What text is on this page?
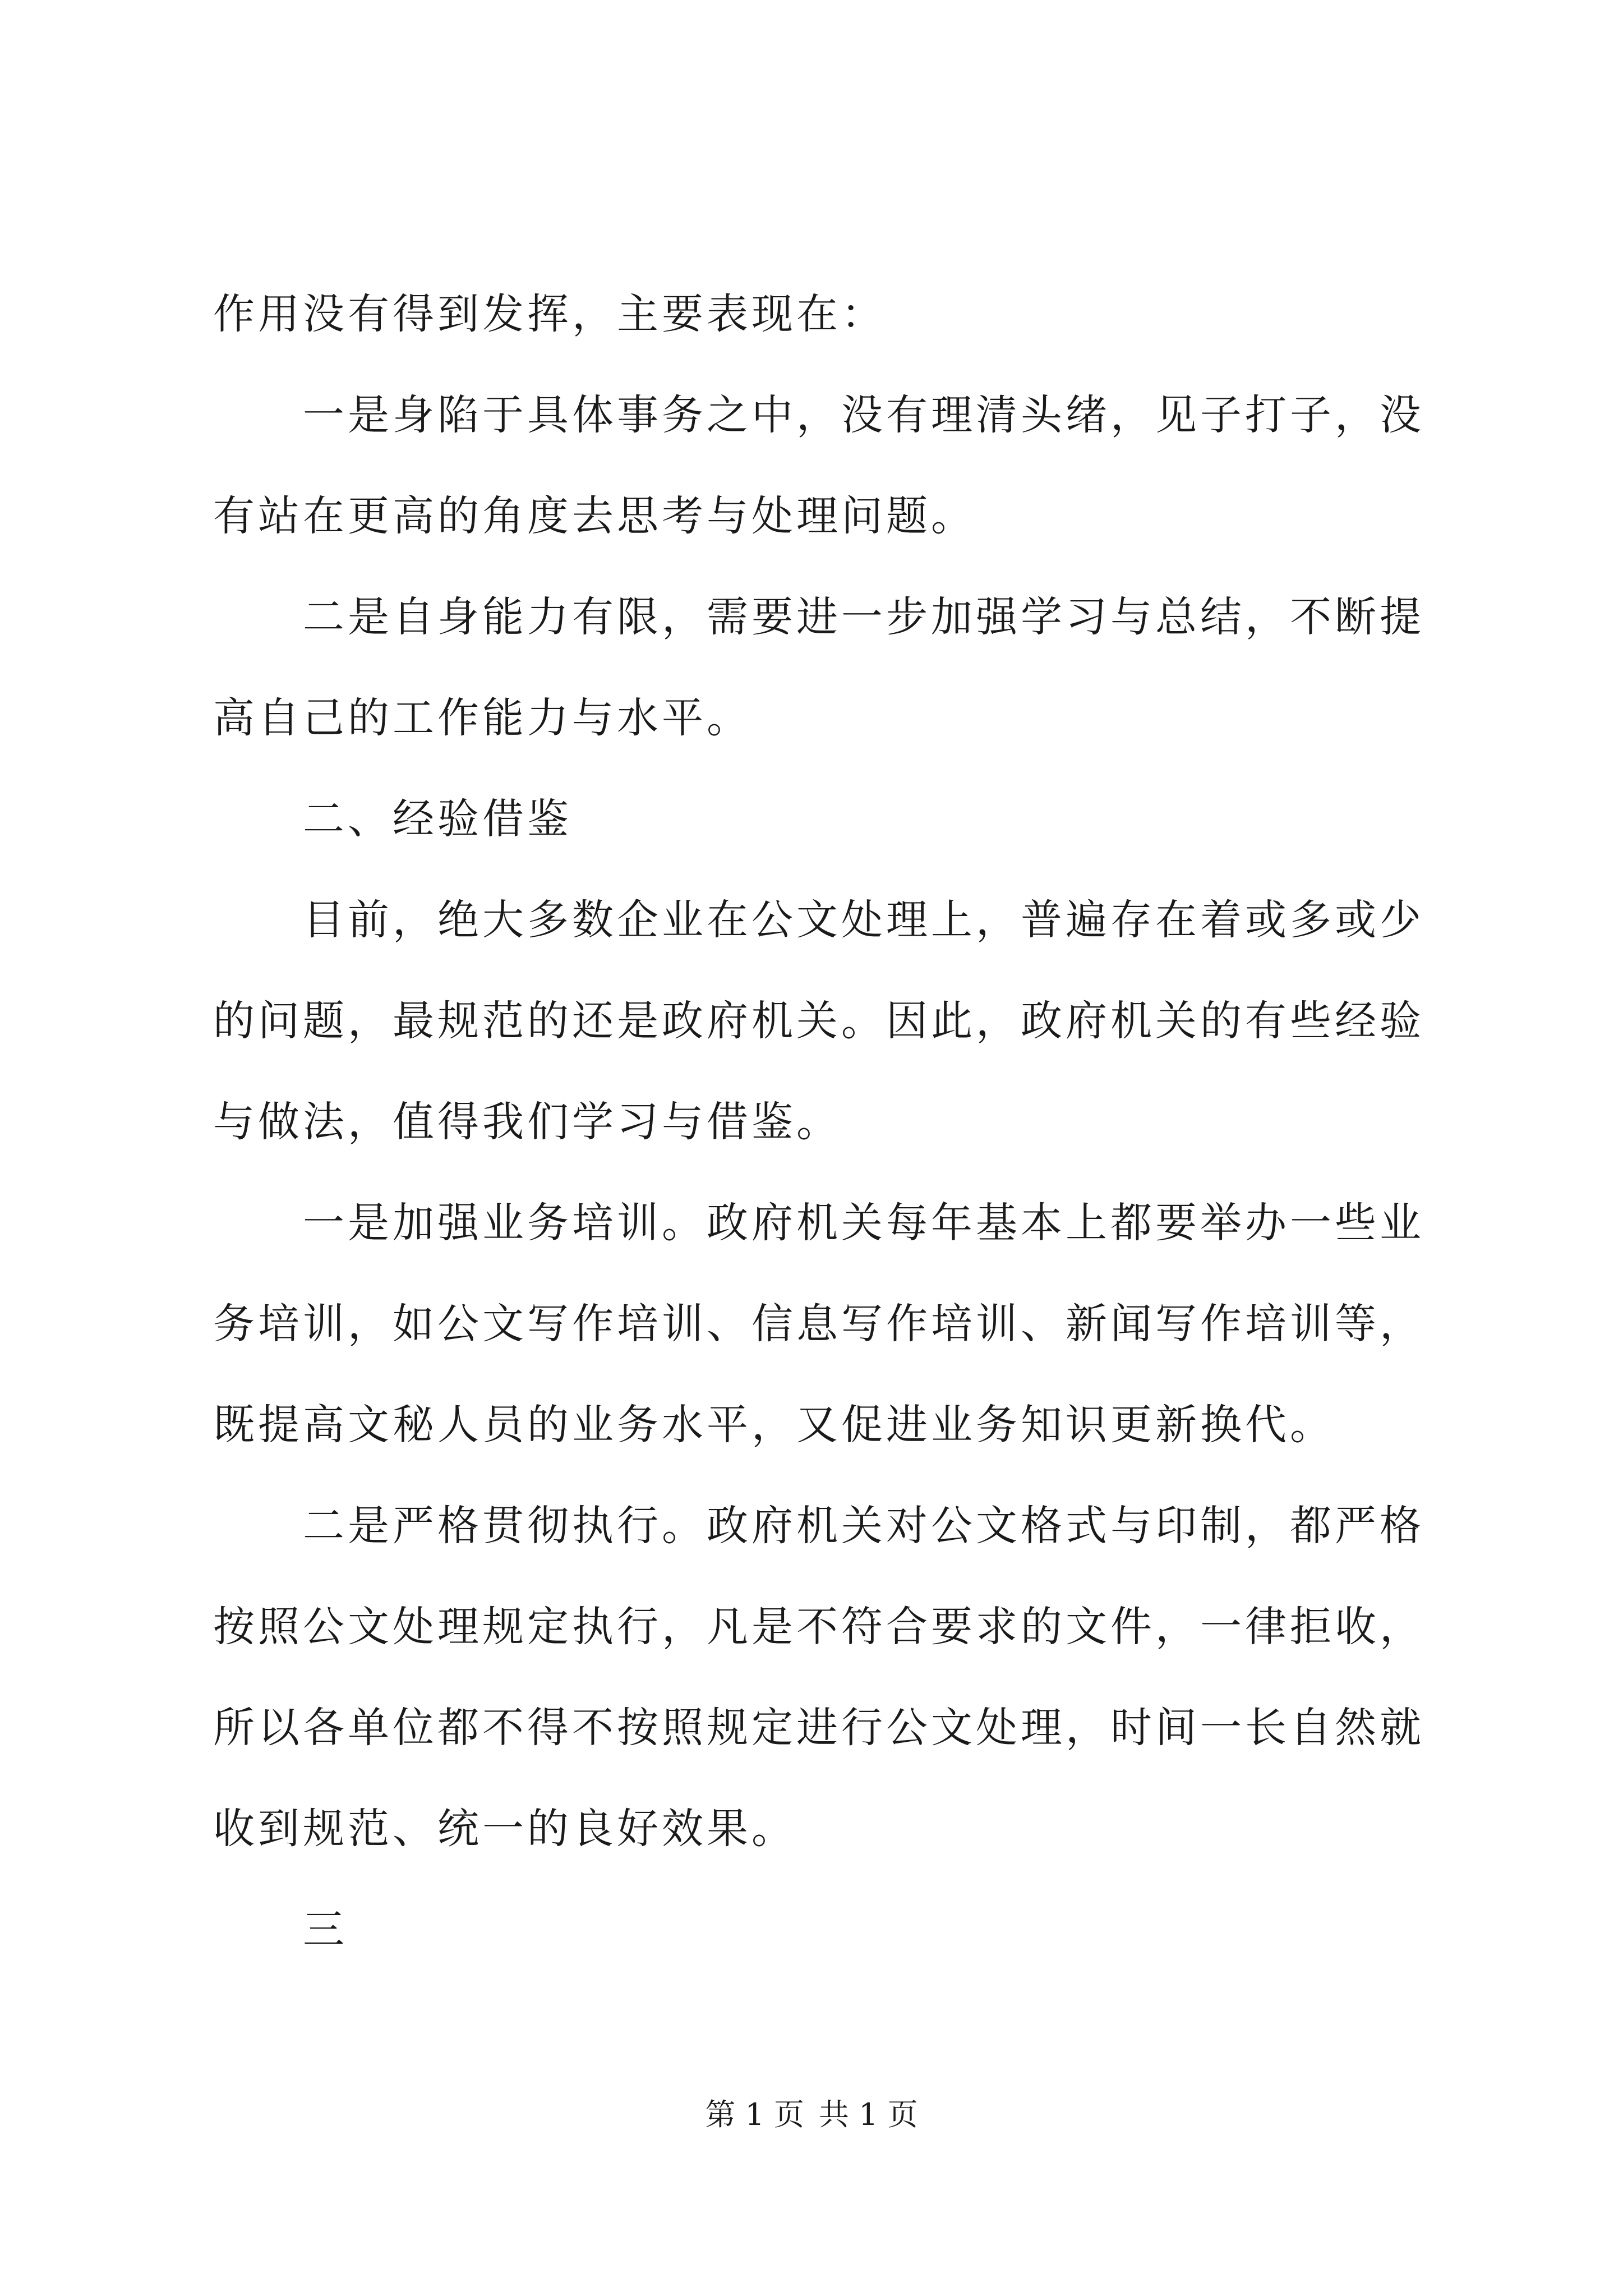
作用没有得到发挥，主要表现在：

一是身陷于具体事务之中，没有理清头绪，见子打子，没有站在更高的角度去思考与处理问题。

二是自身能力有限，需要进一步加强学习与总结，不断提高自己的工作能力与水平。

二、经验借鉴

目前，绝大多数企业在公文处理上，普遍存在着或多或少的问题，最规范的还是政府机关。因此，政府机关的有些经验与做法，值得我们学习与借鉴。

一是加强业务培训。政府机关每年基本上都要举办一些业务培训，如公文写作培训、信息写作培训、新闻写作培训等，既提高文秘人员的业务水平，又促进业务知识更新换代。

二是严格贯彻执行。政府机关对公文格式与印制，都严格按照公文处理规定执行，凡是不符合要求的文件，一律拒收，所以各单位都不得不按照规定进行公文处理，时间一长自然就收到规范、统一的良好效果。

三

第 1 页 共 1 页
